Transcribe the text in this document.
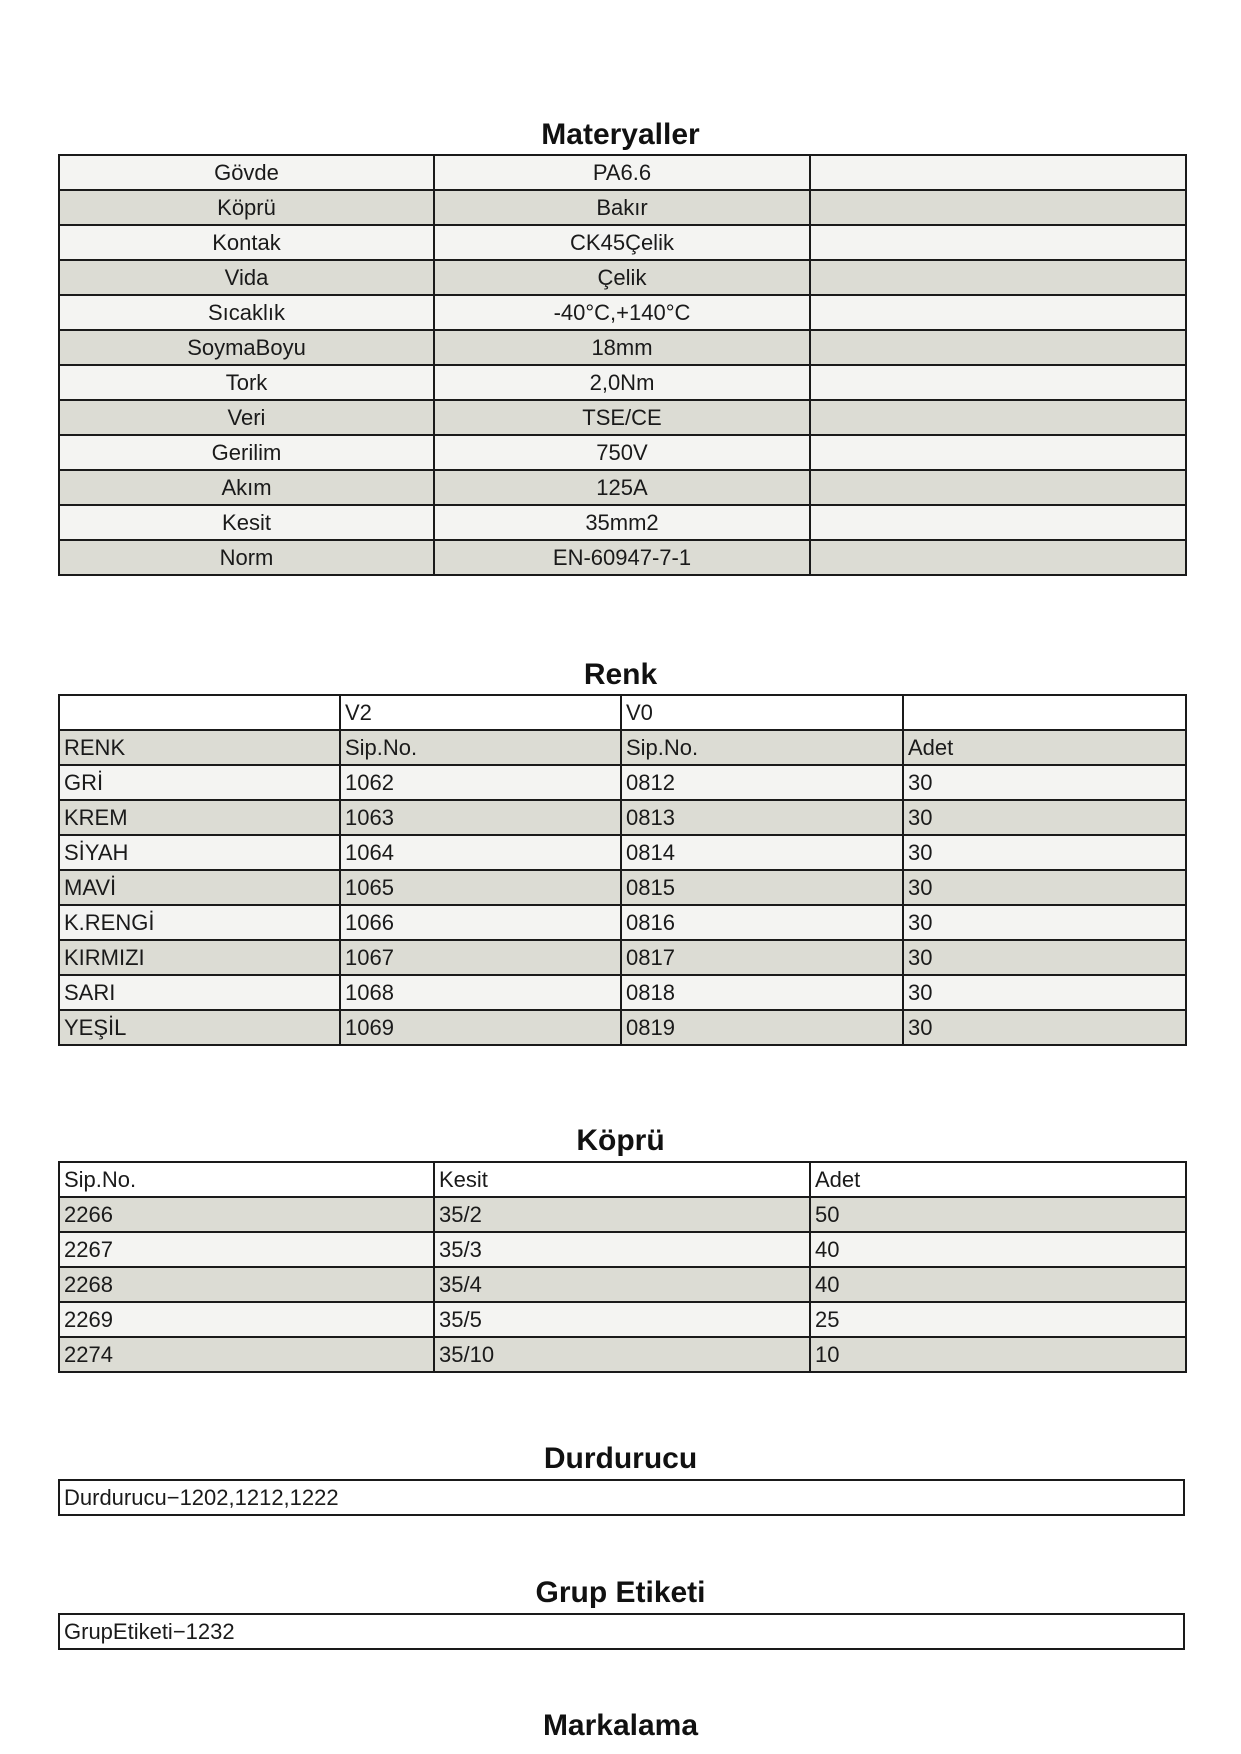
Materyaller
Gövde	PA6.6	
Köprü	Bakır	
Kontak	CK45Çelik	
Vida	Çelik	
Sıcaklık	-40°C,+140°C	
SoymaBoyu	18mm	
Tork	2,0Nm	
Veri	TSE/CE	
Gerilim	750V	
Akım	125A	
Kesit	35mm2	
Norm	EN-60947-7-1	
Renk
	V2	V0	
RENK	Sip.No.	Sip.No.	Adet
GRİ	1062	0812	30
KREM	1063	0813	30
SİYAH	1064	0814	30
MAVİ	1065	0815	30
K.RENGİ	1066	0816	30
KIRMIZI	1067	0817	30
SARI	1068	0818	30
YEŞİL	1069	0819	30
Köprü
Sip.No.	Kesit	Adet
2266	35/2	50
2267	35/3	40
2268	35/4	40
2269	35/5	25
2274	35/10	10
Durdurucu
Durdurucu−1202,1212,1222
Grup Etiketi
GrupEtiketi−1232
Markalama
